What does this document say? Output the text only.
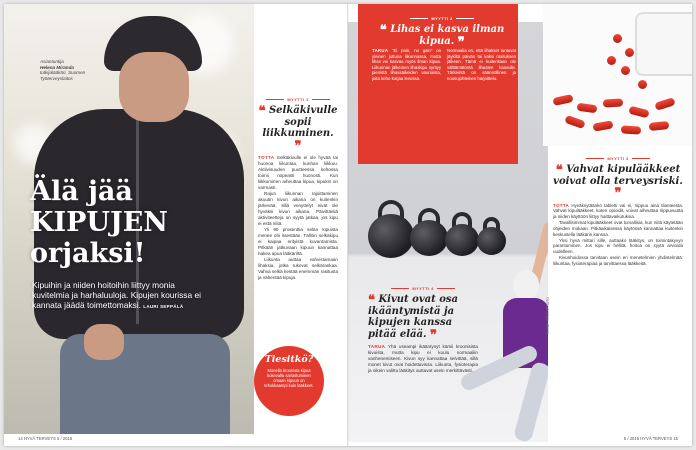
Asiantuntija
Helena Miranda
tutkijalääkäri, Suomen Työterveyslaitos
Älä jää KIPUJEN orjaksi!
Kipuihin ja niiden hoitoihin liittyy monia kuvitelmia ja harhaluuloja. Kipujen kourissa ei kannata jäädä toimettomaksi. LAURI SEPPÄLÄ
MYYTTI 1
❝ Selkäkivulle sopii liikkuminen. ❞

TOTTA Selkäkivulle ei ole hyvää tai huonoa liikuntaa, kunhan liikkuu. Aktiivisuuden puutteessa kehossa toimii nopeasti huonosti. Kun liikkuminen aiheuttaa kipua, kipukin on varmasti.

Rajun liikunnan rajoittaminen akuutin kivun aikana on kuitenkin järkevää, sillä venyttelyt eivät ole hyväksi kivun aikana. Päivittäisiä aktiviteetteja on syytä jatkaa, jos kipu ei estä niitä.

Yli 90 prosenttia selän kipuista menee ohi itsestään. Tällöin selkäkipu ei kaipaa erityistä kuvantamista. Pitkään jatkuvaan kipuun kannattaa hakea apua lääkäriltä.

Liikunta auttaa vahvistamaan lihaksia, jotka tukevat selkärankaa. Vahva selkä kestää enemmän rasitusta ja vähentää kipuja.

Tiesitkö?
Monella kroonista kipua kokevalla sairastuminen omaan kipuun on tehokkaampi kuin lääkkeet.
14 HYVÄ TERVEYS 5 / 2016
MYYTTI 2
❝ Lihas ei kasva ilman kipua. ❞
TARUA "Ei pain, no gain" on yleinen juttuna liikunnassa, mutta lihas voi kasvaa myös ilman kipua. Liikunnan jälkeinen lihaskipu syntyy pienistä lihassäikeiden vaurioista, joita keho korjaa levossa.
Normaalia on, että lihakset tuntuvat jäykiltä päivän tai kaksi rasituksen jälkeen. Tämä ei kuitenkaan ole välttämätöntä lihasten kasvulle. Tärkeintä on säännöllinen ja nousujohteinen harjoittelu.
MYYTTI 4
❝ Kivut ovat osa ikääntymistä ja kipujen kanssa pitää elää. ❞
TARUA Yhä useampi ikääntynyt kärsii kroonisista kivuista, mutta kipu ei kuulu normaaliin vanhenemiseen. Kivun syy kannattaa selvittää, sillä monet kivut ovat hoidettavissa. Liikunta, fysioterapia ja oikein valittu lääkitys auttavat usein merkittävästi.
MYYTTI 3
❝ Vahvat kipulääkkeet voivat olla terveysriski. ❞

TOTTA Hyväksytäänkö tabletti vai ei, riippuu aina tilanteesta. Vahvat kipulääkkeet, kuten opioidit, voivat aiheuttaa riippuvuutta ja niiden käyttöön liittyy haittavaikutuksia.

Tavallisimmat kipulääkkeet ovat turvallisia, kun niitä käytetään ohjeiden mukaan. Pitkäaikaisessa käytössä kannattaa kuitenkin keskustella lääkärin kanssa.

Yksi hyvä mittari sille, auttaako lääkitys, on toimintakyvyn parantuminen. Jos kipu ei hellitä, hoitoa on syytä arvioida uudelleen.

Kivunhoidossa tarvitaan usein eri menetelmien yhdistelmää: liikuntaa, fysioterapiaa ja tarvittaessa lääkkeitä.

KUVAT: ISTOCKPHOTO
5 / 2016 HYVÄ TERVEYS 15
